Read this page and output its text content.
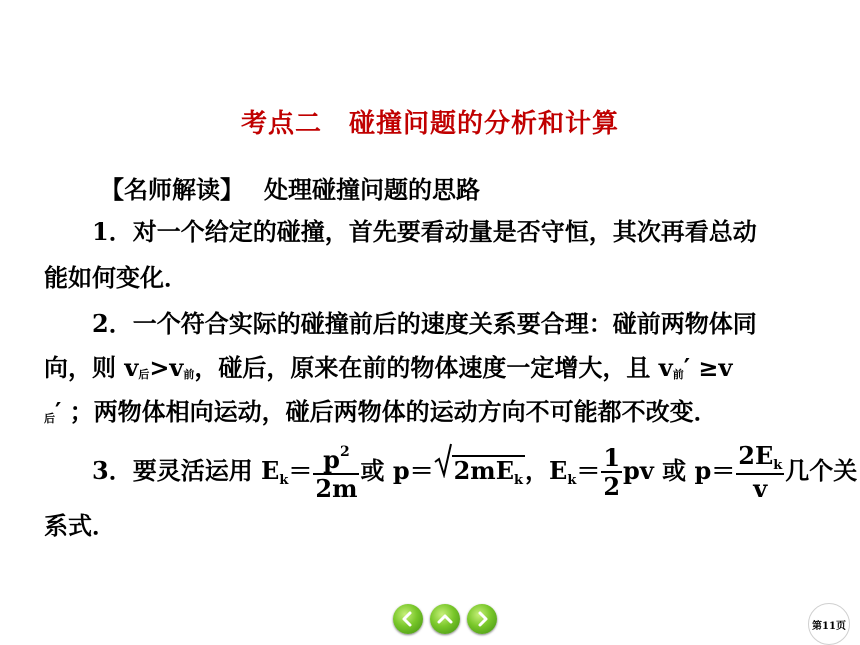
考点二　碰撞问题的分析和计算
【名师解读】 处理碰撞问题的思路
1．对一个给定的碰撞，首先要看动量是否守恒，其次再看总动
能如何变化．
2．一个符合实际的碰撞前后的速度关系要合理：碰前两物体同
向，则 v后>v前，碰后，原来在前的物体速度一定增大，且 v前′ ≥v
后′ ；两物体相向运动，碰后两物体的运动方向不可能都不改变．
3．要灵活运用 $E_k= \frac{p^2}{2m}$ 或 $p= 2mE_k$，$E_k= \frac{1}{2}$ pv 或 $p= \frac{2E_k}{v}$ 几个关
系式．
第11页
